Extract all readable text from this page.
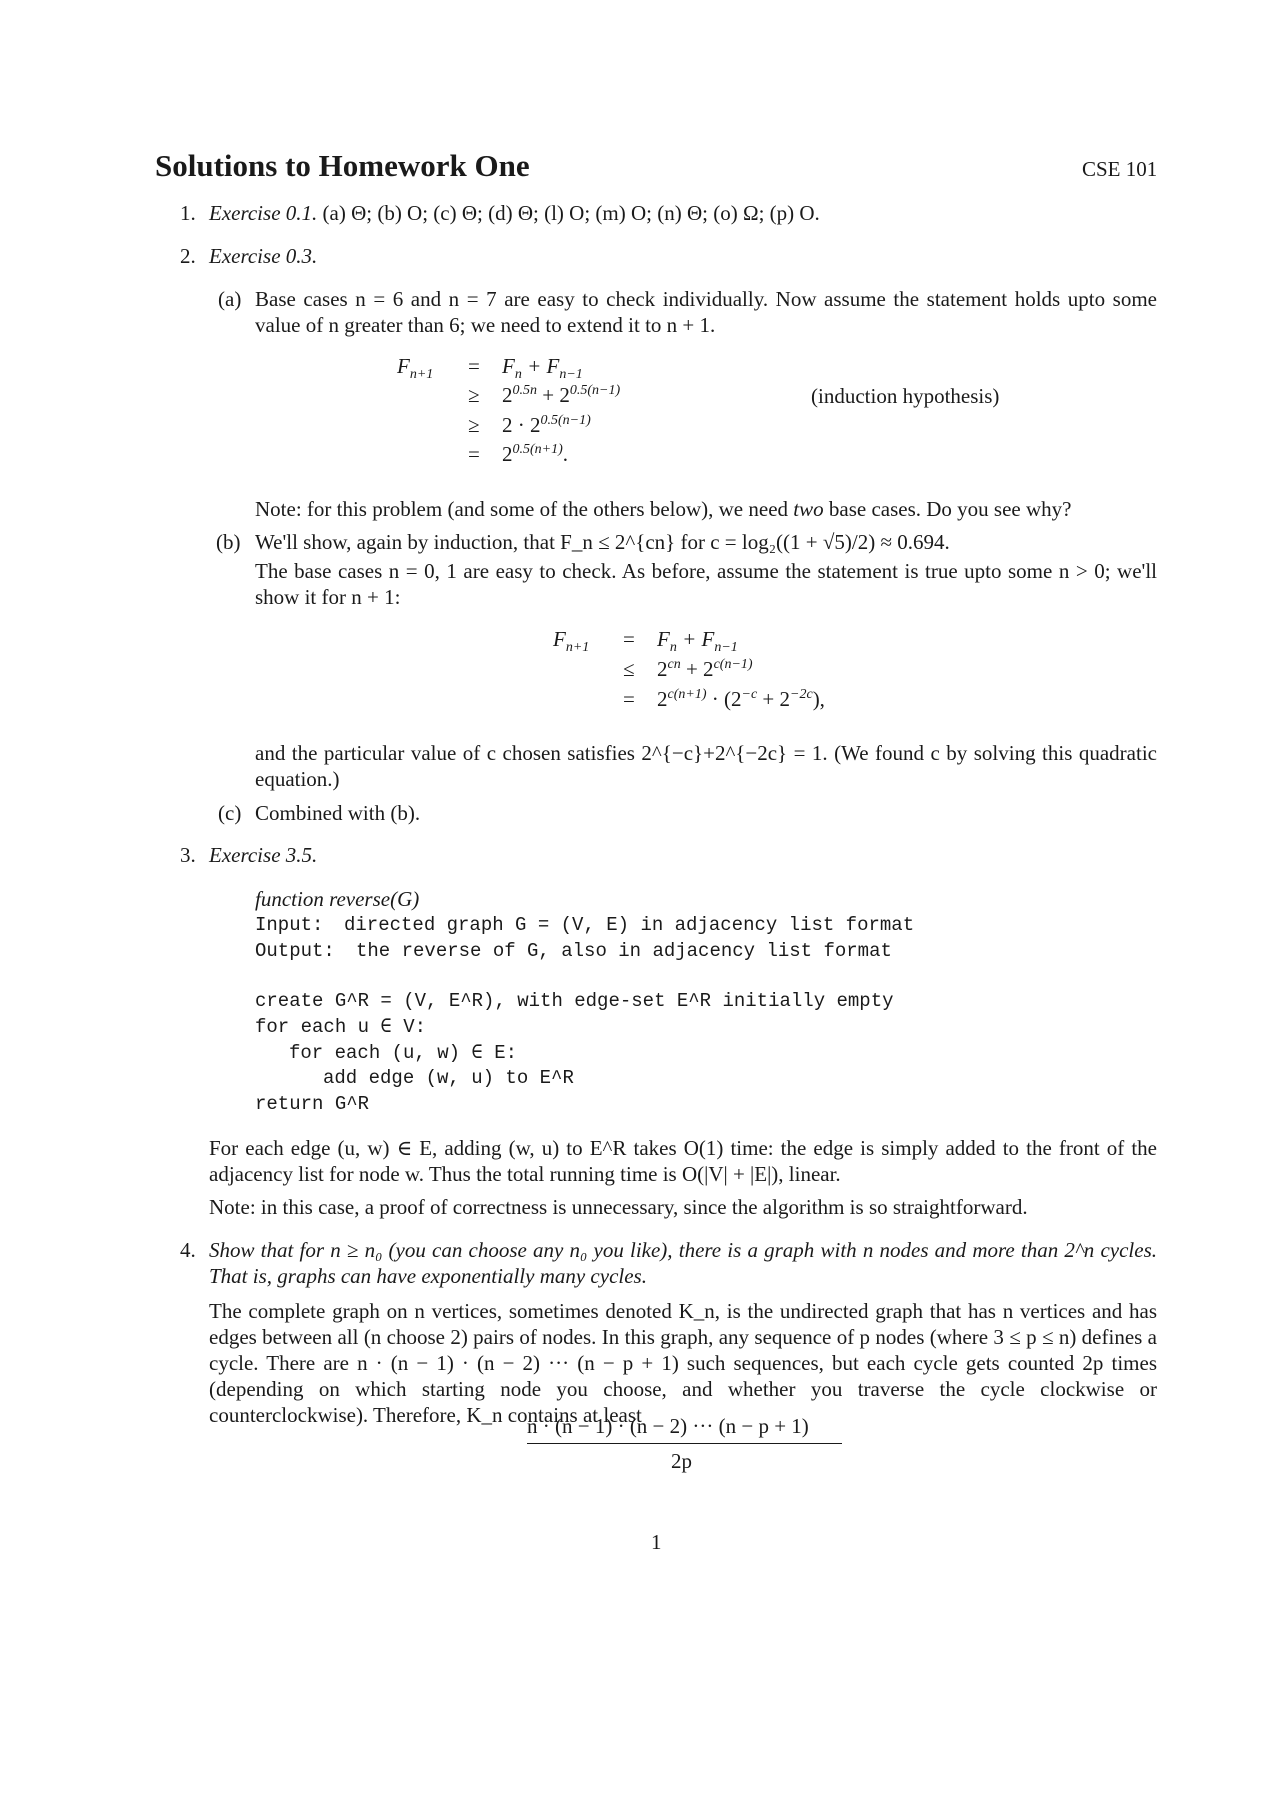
Solutions to Homework One	CSE 101
1. Exercise 0.1. (a) Θ; (b) O; (c) Θ; (d) Θ; (l) O; (m) O; (n) Θ; (o) Ω; (p) O.
2. Exercise 0.3.
(a) Base cases n = 6 and n = 7 are easy to check individually. Now assume the statement holds upto some value of n greater than 6; we need to extend it to n + 1.
$F_{n+1}$ =
≥
≥
=
$F_n + F_{n-1}$
$2^{0.5n} + 2^{0.5(n-1)}$
$2 \cdot 2^{0.5(n-1)}$
$2^{0.5(n+1)}$.
(induction hypothesis)
Note: for this problem (and some of the others below), we need two base cases. Do you see why?
(b) We'll show, again by induction, that F_n ≤ 2^{cn} for c = log₂((1 + √5)/2) ≈ 0.694.
The base cases n = 0, 1 are easy to check. As before, assume the statement is true upto some n > 0; we'll show it for n + 1:
$F_{n+1}$ =
≤
=
$F_n + F_{n-1}$
$2^{cn} + 2^{c(n-1)}$
$2^{c(n+1)} \cdot (2^{-c} + 2^{-2c})$,
and the particular value of c chosen satisfies 2^{−c}+2^{−2c} = 1. (We found c by solving this quadratic equation.)
(c) Combined with (b).
3. Exercise 3.5.
function reverse(G)
Input: directed graph G = (V, E) in adjacency list format
Output: the reverse of G, also in adjacency list format
create G^R = (V, E^R), with edge-set E^R initially empty
for each u ∈ V:
for each (u, w) ∈ E:
add edge (w, u) to E^R
return G^R
For each edge (u, w) ∈ E, adding (w, u) to E^R takes O(1) time: the edge is simply added to the front of the adjacency list for node w. Thus the total running time is O(|V| + |E|), linear.
Note: in this case, a proof of correctness is unnecessary, since the algorithm is so straightforward.
4. Show that for n ≥ n₀ (you can choose any n₀ you like), there is a graph with n nodes and more than 2^n cycles. That is, graphs can have exponentially many cycles.
The complete graph on n vertices, sometimes denoted K_n, is the undirected graph that has n vertices and has edges between all (n choose 2) pairs of nodes. In this graph, any sequence of p nodes (where 3 ≤ p ≤ n) defines a cycle. There are n · (n − 1) · (n − 2) ··· (n − p + 1) such sequences, but each cycle gets counted 2p times (depending on which starting node you choose, and whether you traverse the cycle clockwise or counterclockwise). Therefore, K_n contains at least
n · (n − 1) · (n − 2) ··· (n − p + 1)
2p
1
